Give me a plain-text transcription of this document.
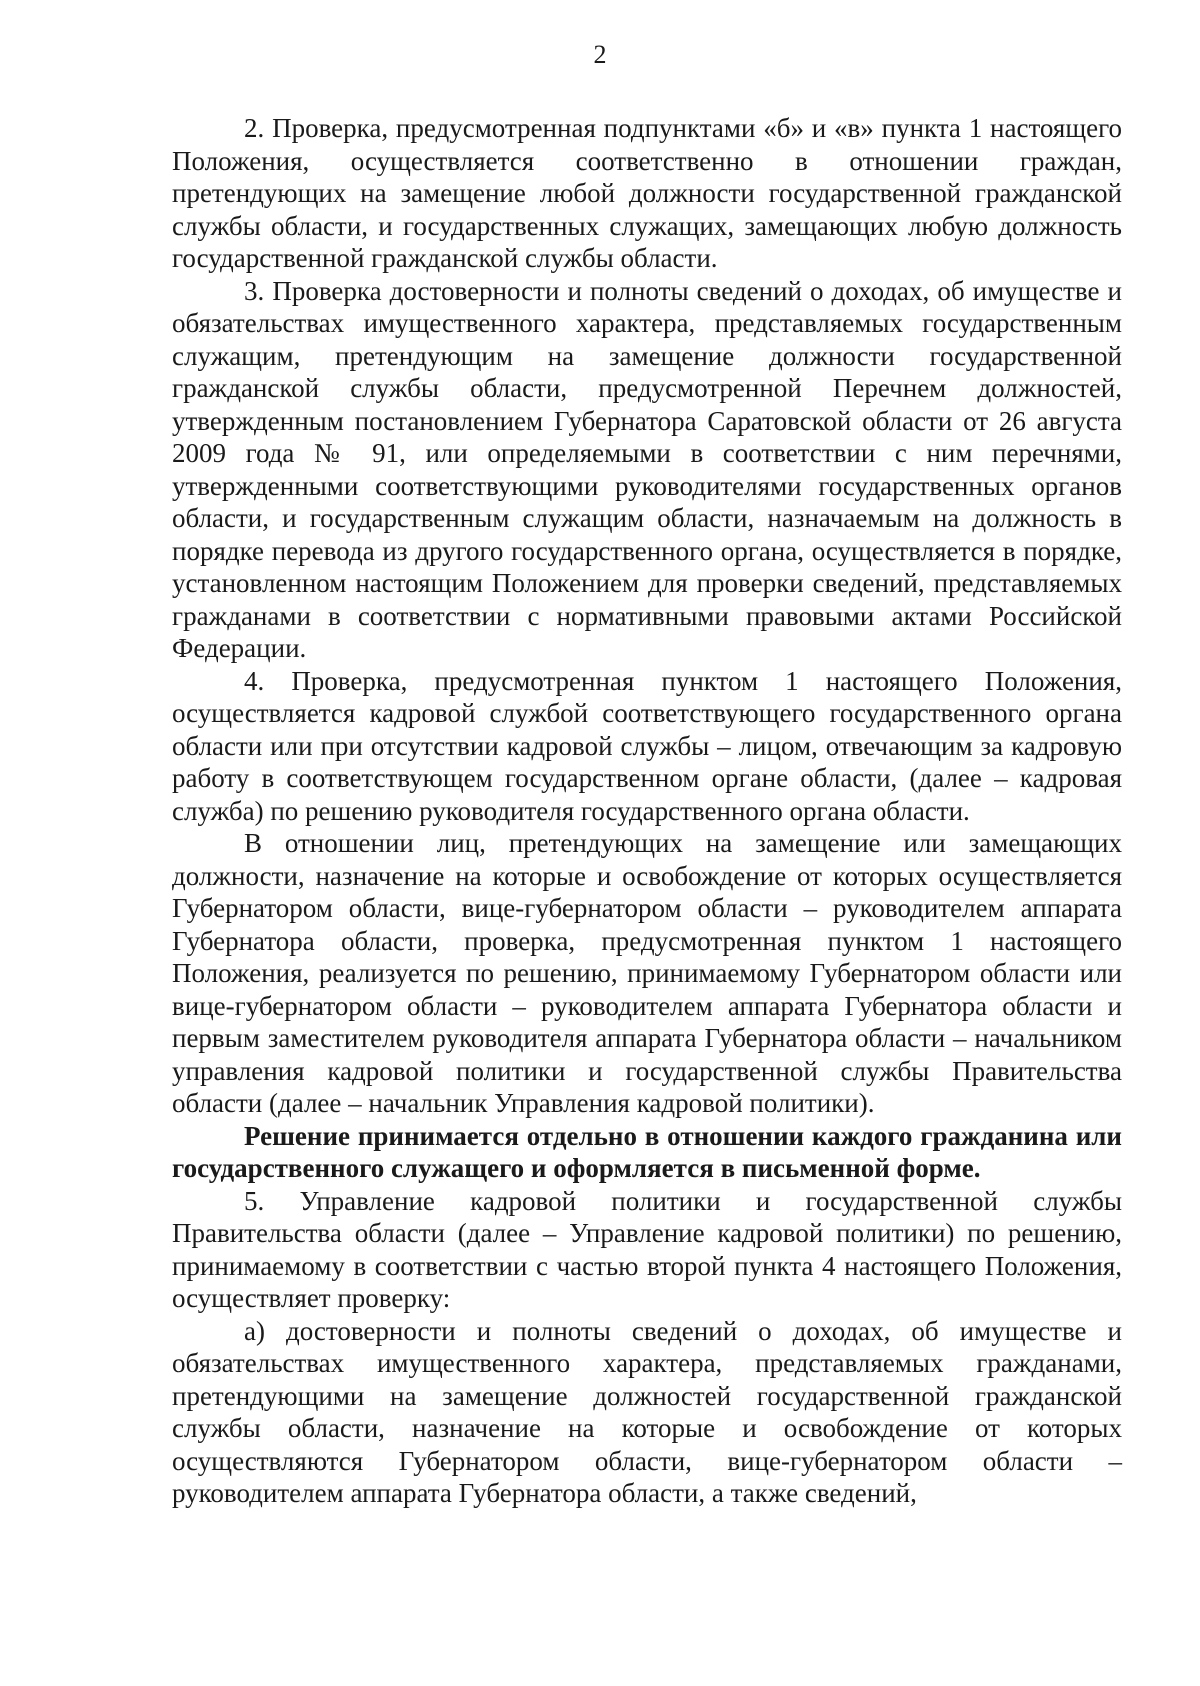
2

2. Проверка, предусмотренная подпунктами «б» и «в» пункта 1 настоящего Положения, осуществляется соответственно в отношении граждан, претендующих на замещение любой должности государственной гражданской службы области, и государственных служащих, замещающих любую должность государственной гражданской службы области.

3. Проверка достоверности и полноты сведений о доходах, об имуществе и обязательствах имущественного характера, представляемых государственным служащим, претендующим на замещение должности государственной гражданской службы области, предусмотренной Перечнем должностей, утвержденным постановлением Губернатора Саратовской области от 26 августа 2009 года № 91, или определяемыми в соответствии с ним перечнями, утвержденными соответствующими руководителями государственных органов области, и государственным служащим области, назначаемым на должность в порядке перевода из другого государственного органа, осуществляется в порядке, установленном настоящим Положением для проверки сведений, представляемых гражданами в соответствии с нормативными правовыми актами Российской Федерации.

4. Проверка, предусмотренная пунктом 1 настоящего Положения, осуществляется кадровой службой соответствующего государственного органа области или при отсутствии кадровой службы – лицом, отвечающим за кадровую работу в соответствующем государственном органе области, (далее – кадровая служба) по решению руководителя государственного органа области.

В отношении лиц, претендующих на замещение или замещающих должности, назначение на которые и освобождение от которых осуществляется Губернатором области, вице-губернатором области – руководителем аппарата Губернатора области, проверка, предусмотренная пунктом 1 настоящего Положения, реализуется по решению, принимаемому Губернатором области или вице-губернатором области – руководителем аппарата Губернатора области и первым заместителем руководителя аппарата Губернатора области – начальником управления кадровой политики и государственной службы Правительства области (далее – начальник Управления кадровой политики).

Решение принимается отдельно в отношении каждого гражданина или государственного служащего и оформляется в письменной форме.

5. Управление кадровой политики и государственной службы Правительства области (далее – Управление кадровой политики) по решению, принимаемому в соответствии с частью второй пункта 4 настоящего Положения, осуществляет проверку:

а) достоверности и полноты сведений о доходах, об имуществе и обязательствах имущественного характера, представляемых гражданами, претендующими на замещение должностей государственной гражданской службы области, назначение на которые и освобождение от которых осуществляются Губернатором области, вице-губернатором области – руководителем аппарата Губернатора области, а также сведений,
